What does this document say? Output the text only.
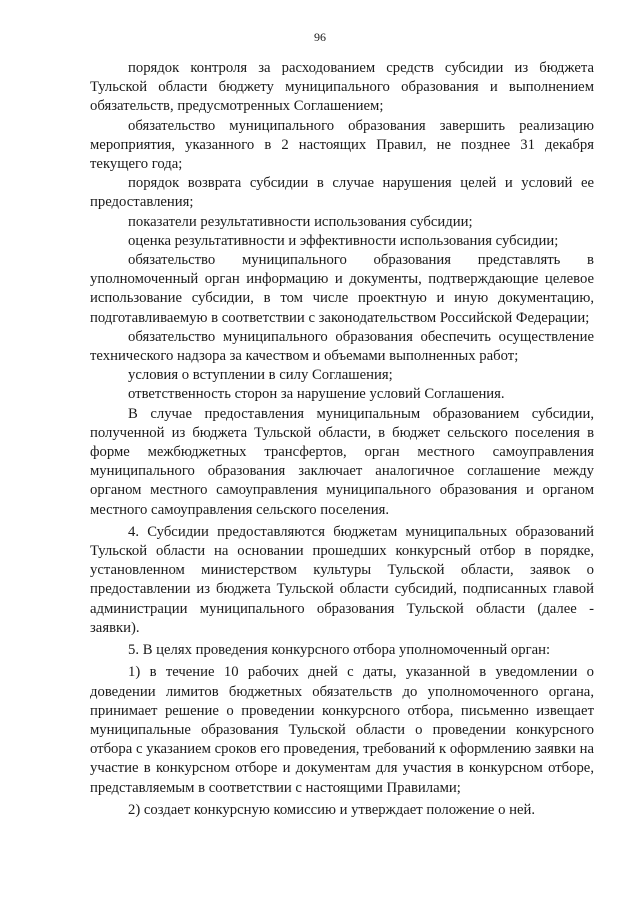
96

порядок контроля за расходованием средств субсидии из бюджета Тульской области бюджету муниципального образования и выполнением обязательств, предусмотренных Соглашением;

обязательство муниципального образования завершить реализацию мероприятия, указанного в 2 настоящих Правил, не позднее 31 декабря текущего года;

порядок возврата субсидии в случае нарушения целей и условий ее предоставления;

показатели результативности использования субсидии;

оценка результативности и эффективности использования субсидии;

обязательство муниципального образования представлять в уполномоченный орган информацию и документы, подтверждающие целевое использование субсидии, в том числе проектную и иную документацию, подготавливаемую в соответствии с законодательством Российской Федерации;

обязательство муниципального образования обеспечить осуществление технического надзора за качеством и объемами выполненных работ;

условия о вступлении в силу Соглашения;

ответственность сторон за нарушение условий Соглашения.

В случае предоставления муниципальным образованием субсидии, полученной из бюджета Тульской области, в бюджет сельского поселения в форме межбюджетных трансфертов, орган местного самоуправления муниципального образования заключает аналогичное соглашение между органом местного самоуправления муниципального образования и органом местного самоуправления сельского поселения.

4. Субсидии предоставляются бюджетам муниципальных образований Тульской области на основании прошедших конкурсный отбор в порядке, установленном министерством культуры Тульской области, заявок о предоставлении из бюджета Тульской области субсидий, подписанных главой администрации муниципального образования Тульской области (далее - заявки).

5. В целях проведения конкурсного отбора уполномоченный орган:

1) в течение 10 рабочих дней с даты, указанной в уведомлении о доведении лимитов бюджетных обязательств до уполномоченного органа, принимает решение о проведении конкурсного отбора, письменно извещает муниципальные образования Тульской области о проведении конкурсного отбора с указанием сроков его проведения, требований к оформлению заявки на участие в конкурсном отборе и документам для участия в конкурсном отборе, представляемым в соответствии с настоящими Правилами;

2) создает конкурсную комиссию и утверждает положение о ней.
